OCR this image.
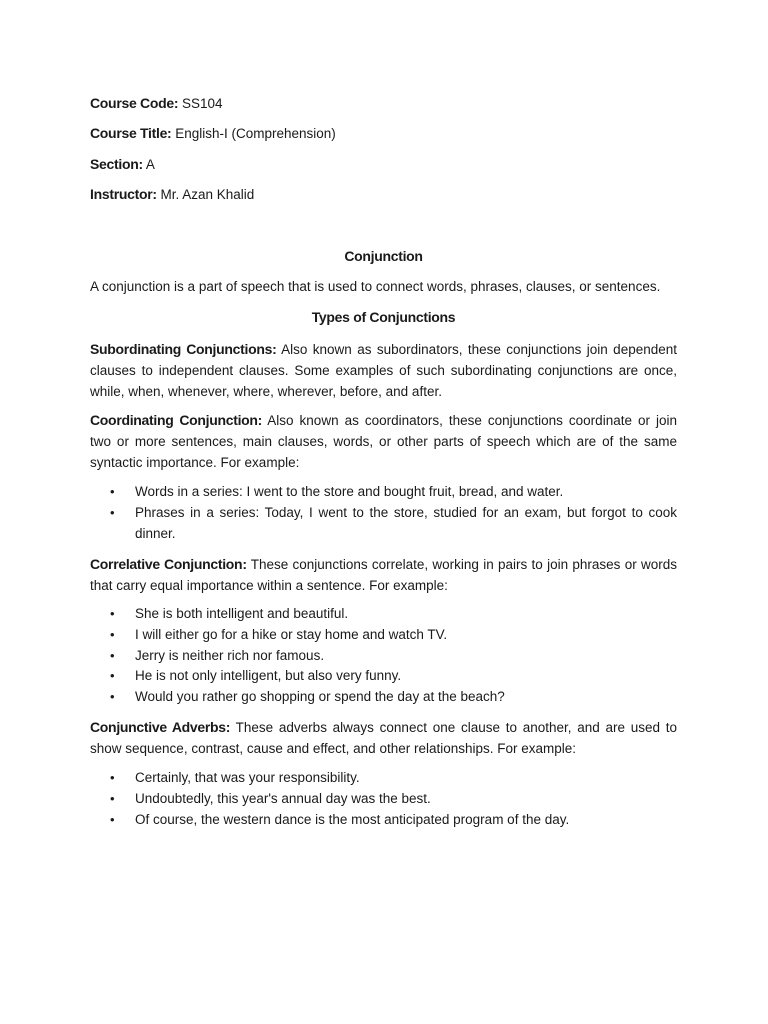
Course Code: SS104
Course Title: English-I (Comprehension)
Section: A
Instructor: Mr. Azan Khalid
Conjunction
A conjunction is a part of speech that is used to connect words, phrases, clauses, or sentences.
Types of Conjunctions
Subordinating Conjunctions: Also known as subordinators, these conjunctions join dependent clauses to independent clauses. Some examples of such subordinating conjunctions are once, while, when, whenever, where, wherever, before, and after.
Coordinating Conjunction: Also known as coordinators, these conjunctions coordinate or join two or more sentences, main clauses, words, or other parts of speech which are of the same syntactic importance. For example:
• Words in a series: I went to the store and bought fruit, bread, and water.
• Phrases in a series: Today, I went to the store, studied for an exam, but forgot to cook dinner.
Correlative Conjunction: These conjunctions correlate, working in pairs to join phrases or words that carry equal importance within a sentence. For example:
• She is both intelligent and beautiful.
• I will either go for a hike or stay home and watch TV.
• Jerry is neither rich nor famous.
• He is not only intelligent, but also very funny.
• Would you rather go shopping or spend the day at the beach?
Conjunctive Adverbs: These adverbs always connect one clause to another, and are used to show sequence, contrast, cause and effect, and other relationships. For example:
• Certainly, that was your responsibility.
• Undoubtedly, this year's annual day was the best.
• Of course, the western dance is the most anticipated program of the day.
